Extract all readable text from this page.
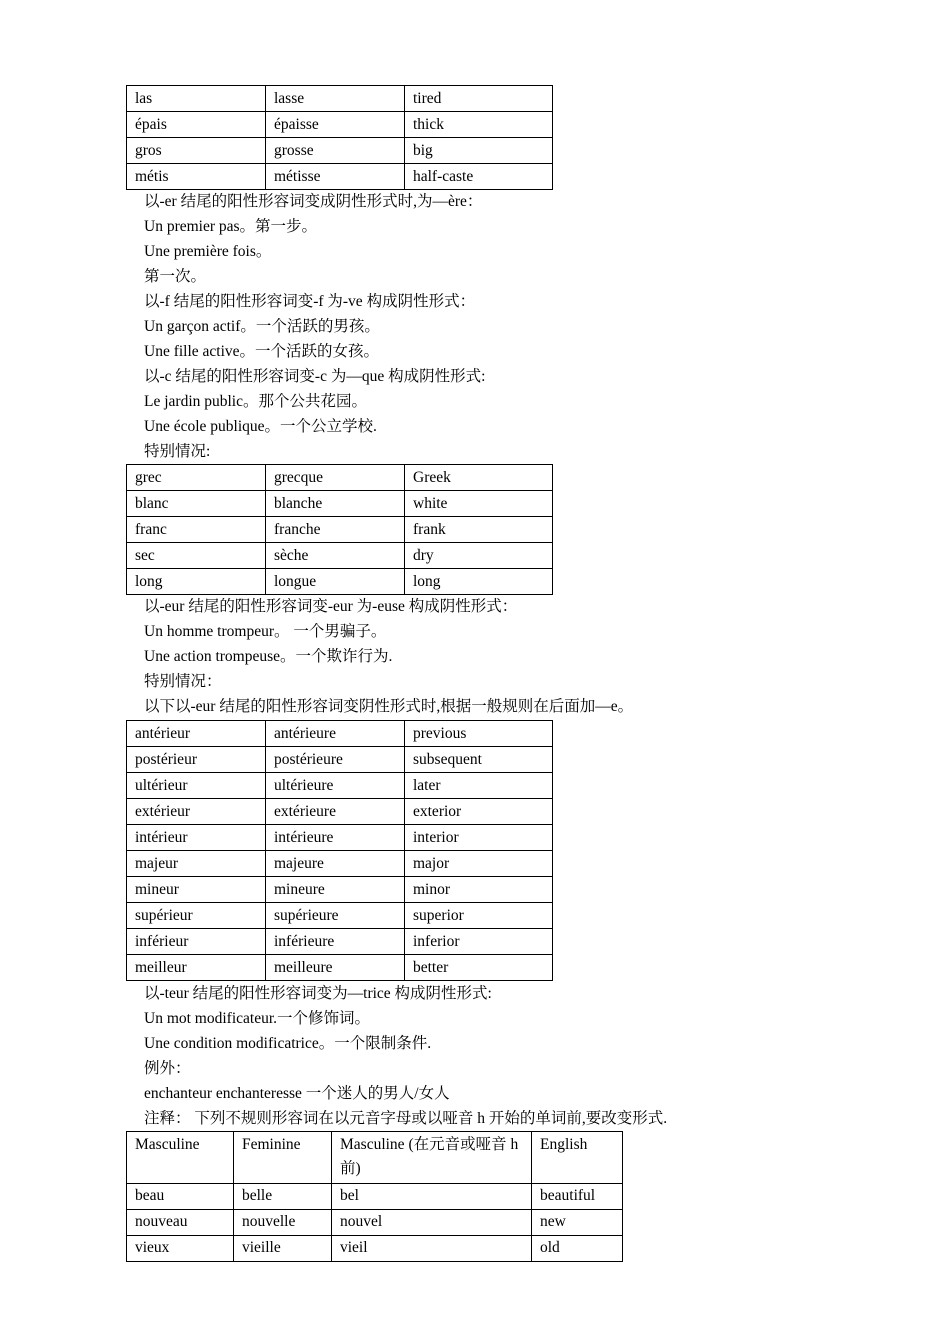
las	lasse	tired
épais	épaisse	thick
gros	grosse	big
métis	métisse	half-caste
以-er 结尾的阳性形容词变成阴性形式时,为—ère：
Un premier pas。第一步。
Une première fois。
第一次。
以-f 结尾的阳性形容词变-f 为-ve 构成阴性形式：
Un garçon actif。一个活跃的男孩。
Une fille active。一个活跃的女孩。
以-c 结尾的阳性形容词变-c 为—que 构成阴性形式:
Le jardin public。那个公共花园。
Une école publique。一个公立学校.
特别情况:
grec	grecque	Greek
blanc	blanche	white
franc	franche	frank
sec	sèche	dry
long	longue	long
以-eur 结尾的阳性形容词变-eur 为-euse 构成阴性形式：
Un homme trompeur。 一个男骗子。
Une action trompeuse。一个欺诈行为.
特别情况：
以下以-eur 结尾的阳性形容词变阴性形式时,根据一般规则在后面加—e。
antérieur	antérieure	previous
postérieur	postérieure	subsequent
ultérieur	ultérieure	later
extérieur	extérieure	exterior
intérieur	intérieure	interior
majeur	majeure	major
mineur	mineure	minor
supérieur	supérieure	superior
inférieur	inférieure	inferior
meilleur	meilleure	better
以-teur 结尾的阳性形容词变为—trice 构成阴性形式:
Un mot modificateur.一个修饰词。
Une condition modificatrice。一个限制条件.
例外：
enchanteur enchanteresse 一个迷人的男人/女人
注释： 下列不规则形容词在以元音字母或以哑音 h 开始的单词前,要改变形式.
Masculine	Feminine	Masculine (在元音或哑音 h 前)	English
beau	belle	bel	beautiful
nouveau	nouvelle	nouvel	new
vieux	vieille	vieil	old
